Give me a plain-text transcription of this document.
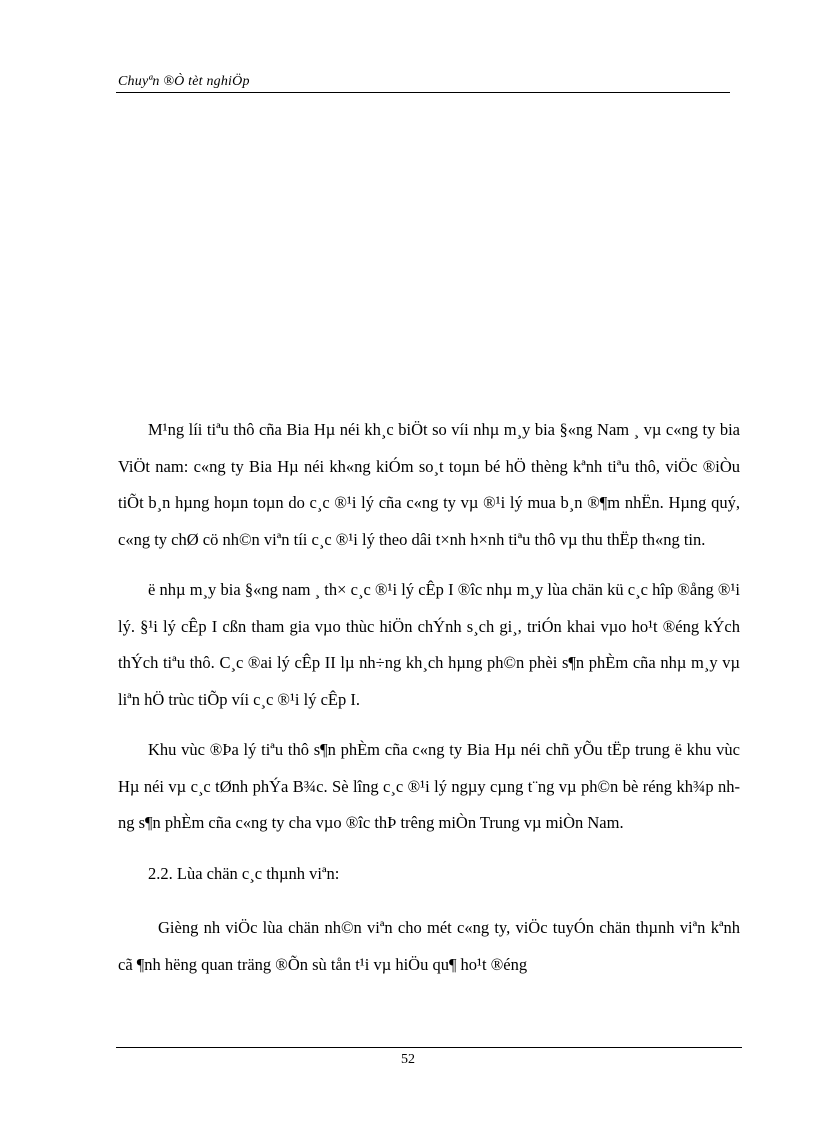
Chuyªn ®Ò tèt nghiÖp

M¹ng líi tiªu thô cña Bia Hµ néi kh¸c biÖt so víi nhµ m¸y bia §«ng Nam ¸ vµ c«ng ty bia ViÖt nam: c«ng ty Bia Hµ néi kh«ng kiÓm so¸t toµn bé hÖ thèng kªnh tiªu thô, viÖc ®iÒu tiÕt b¸n hµng hoµn toµn do c¸c ®¹i lý cña c«ng ty vµ ®¹i lý mua b¸n ®¶m nhËn. Hµng quý, c«ng ty chØ cö nh©n viªn tíi c¸c ®¹i lý theo dâi t×nh h×nh tiªu thô vµ thu thËp th«ng tin.

ë nhµ m¸y bia §«ng nam ¸ th× c¸c ®¹i lý cÊp I ®îc nhµ m¸y lùa chän kü c¸c hîp ®ång ®¹i lý. §¹i lý cÊp I cßn tham gia vµo thùc hiÖn chÝnh s¸ch gi¸, triÓn khai vµo ho¹t ®éng kÝch thÝch tiªu thô. C¸c ®ai lý cÊp II lµ nh÷ng kh¸ch hµng ph©n phèi s¶n phÈm cña nhµ m¸y vµ liªn hÖ trùc tiÕp víi c¸c ®¹i lý cÊp I.

Khu vùc ®Þa lý tiªu thô s¶n phÈm cña c«ng ty Bia Hµ néi chñ yÕu tËp trung ë khu vùc Hµ néi vµ c¸c tØnh phÝa B¾c. Sè lîng c¸c ®¹i lý ngµy cµng t¨ng vµ ph©n bè réng kh¾p nhng s¶n phÈm cña c«ng ty cha vµo ®îc thÞ trêng miÒn Trung vµ miÒn Nam.

2.2. Lùa chän c¸c thµnh viªn:

Gièng nh viÖc lùa chän nh©n viªn cho mét c«ng ty, viÖc tuyÓn chän thµnh viªn kªnh cã ¶nh hëng quan träng ®Õn sù tån t¹i vµ hiÖu qu¶ ho¹t ®éng

52
